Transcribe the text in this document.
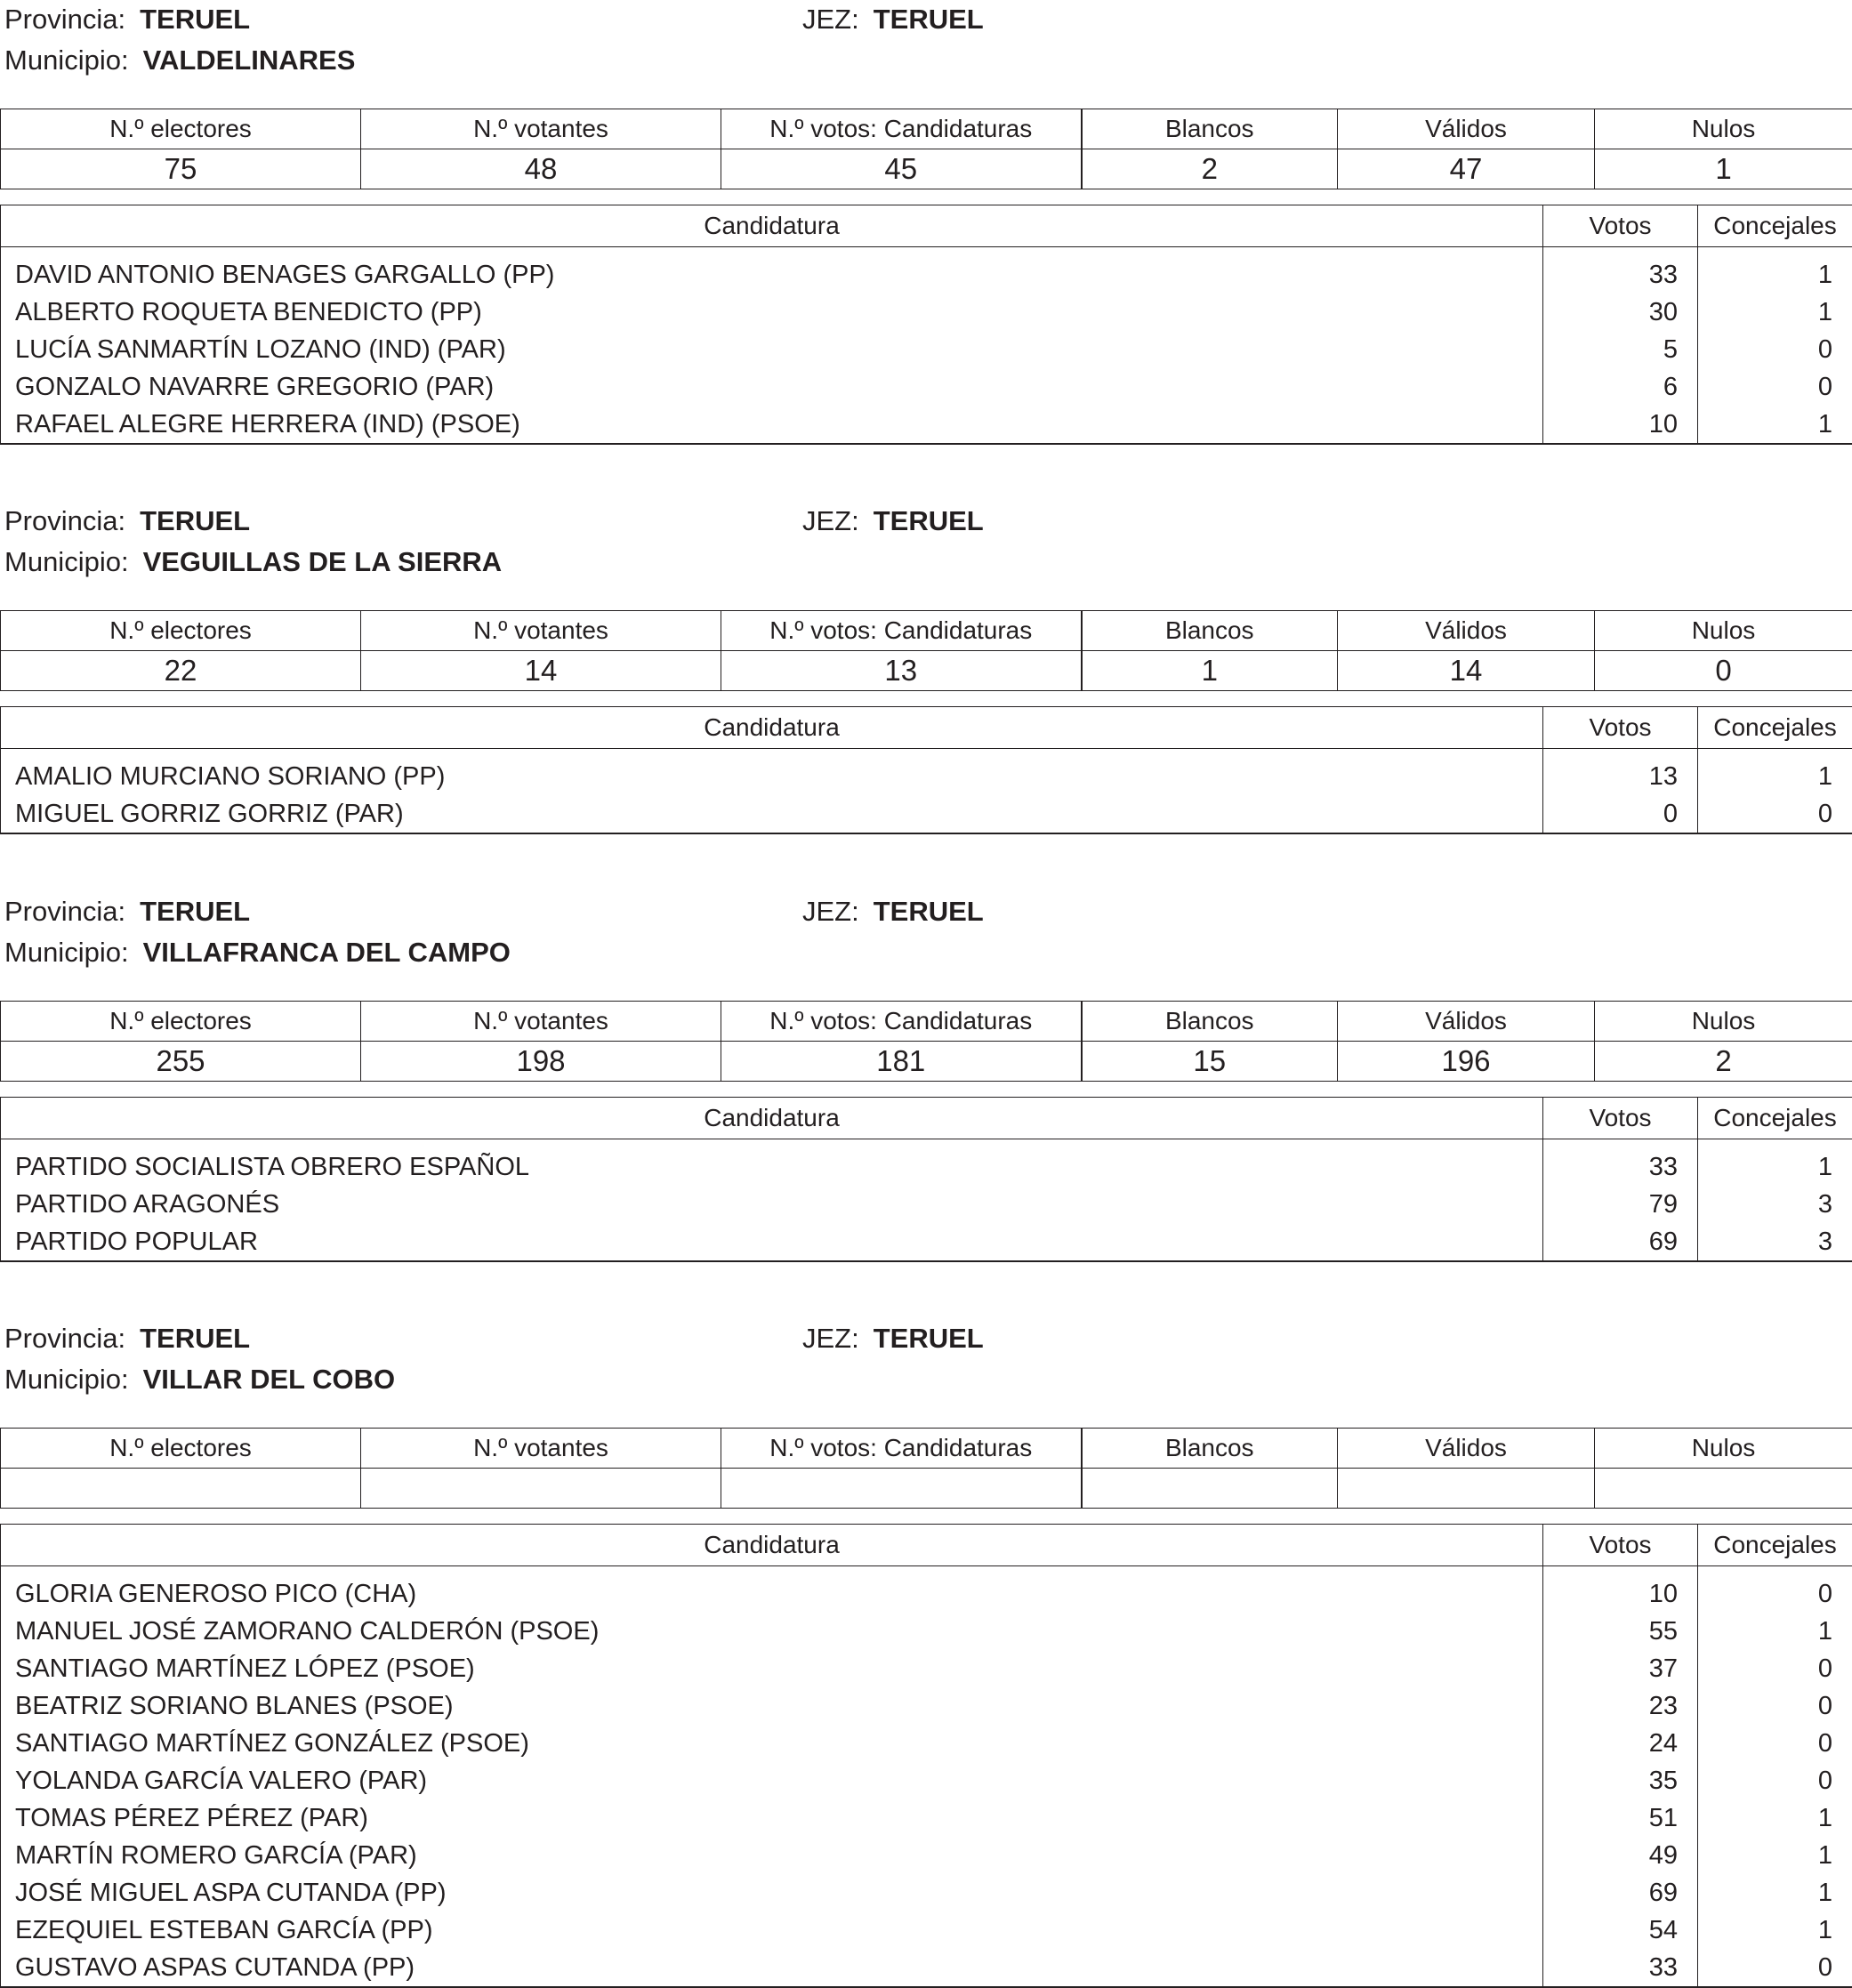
Provincia: TERUEL	JEZ: TERUEL
Municipio: VALDELINARES
N.º electores	N.º votantes	N.º votos: Candidaturas	Blancos	Válidos	Nulos
75	48	45	2	47	1
Candidatura	Votos	Concejales
DAVID ANTONIO BENAGES GARGALLO (PP)	33	1
ALBERTO ROQUETA BENEDICTO (PP)	30	1
LUCÍA SANMARTÍN LOZANO (IND) (PAR)	5	0
GONZALO NAVARRE GREGORIO (PAR)	6	0
RAFAEL ALEGRE HERRERA (IND) (PSOE)	10	1
Provincia: TERUEL	JEZ: TERUEL
Municipio: VEGUILLAS DE LA SIERRA
N.º electores	N.º votantes	N.º votos: Candidaturas	Blancos	Válidos	Nulos
22	14	13	1	14	0
Candidatura	Votos	Concejales
AMALIO MURCIANO SORIANO (PP)	13	1
MIGUEL GORRIZ GORRIZ (PAR)	0	0
Provincia: TERUEL	JEZ: TERUEL
Municipio: VILLAFRANCA DEL CAMPO
N.º electores	N.º votantes	N.º votos: Candidaturas	Blancos	Válidos	Nulos
255	198	181	15	196	2
Candidatura	Votos	Concejales
PARTIDO SOCIALISTA OBRERO ESPAÑOL	33	1
PARTIDO ARAGONÉS	79	3
PARTIDO POPULAR	69	3
Provincia: TERUEL	JEZ: TERUEL
Municipio: VILLAR DEL COBO
N.º electores	N.º votantes	N.º votos: Candidaturas	Blancos	Válidos	Nulos

Candidatura	Votos	Concejales
GLORIA GENEROSO PICO (CHA)	10	0
MANUEL JOSÉ ZAMORANO CALDERÓN (PSOE)	55	1
SANTIAGO MARTÍNEZ LÓPEZ (PSOE)	37	0
BEATRIZ SORIANO BLANES (PSOE)	23	0
SANTIAGO MARTÍNEZ GONZÁLEZ (PSOE)	24	0
YOLANDA GARCÍA VALERO (PAR)	35	0
TOMAS PÉREZ PÉREZ (PAR)	51	1
MARTÍN ROMERO GARCÍA (PAR)	49	1
JOSÉ MIGUEL ASPA CUTANDA (PP)	69	1
EZEQUIEL ESTEBAN GARCÍA (PP)	54	1
GUSTAVO ASPAS CUTANDA (PP)	33	0
